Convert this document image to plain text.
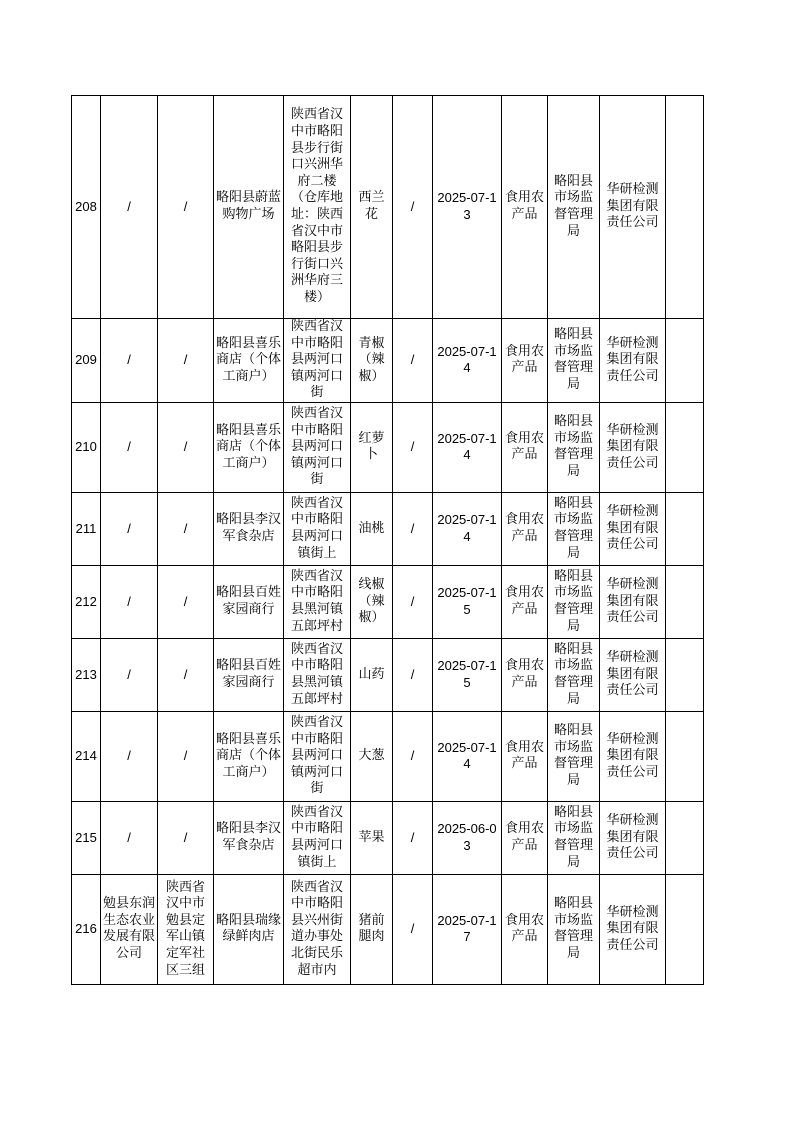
208	/	/	略阳县蔚蓝购物广场	陕西省汉中市略阳县步行街口兴洲华府二楼（仓库地址：陕西省汉中市略阳县步行街口兴洲华府三楼）	西兰花	/	2025-07-13	食用农产品	略阳县市场监督管理局	华研检测集团有限责任公司	
209	/	/	略阳县喜乐商店（个体工商户）	陕西省汉中市略阳县两河口镇两河口街	青椒（辣椒）	/	2025-07-14	食用农产品	略阳县市场监督管理局	华研检测集团有限责任公司	
210	/	/	略阳县喜乐商店（个体工商户）	陕西省汉中市略阳县两河口镇两河口街	红萝卜	/	2025-07-14	食用农产品	略阳县市场监督管理局	华研检测集团有限责任公司	
211	/	/	略阳县李汉军食杂店	陕西省汉中市略阳县两河口镇街上	油桃	/	2025-07-14	食用农产品	略阳县市场监督管理局	华研检测集团有限责任公司	
212	/	/	略阳县百姓家园商行	陕西省汉中市略阳县黑河镇五郎坪村	线椒（辣椒）	/	2025-07-15	食用农产品	略阳县市场监督管理局	华研检测集团有限责任公司	
213	/	/	略阳县百姓家园商行	陕西省汉中市略阳县黑河镇五郎坪村	山药	/	2025-07-15	食用农产品	略阳县市场监督管理局	华研检测集团有限责任公司	
214	/	/	略阳县喜乐商店（个体工商户）	陕西省汉中市略阳县两河口镇两河口街	大葱	/	2025-07-14	食用农产品	略阳县市场监督管理局	华研检测集团有限责任公司	
215	/	/	略阳县李汉军食杂店	陕西省汉中市略阳县两河口镇街上	苹果	/	2025-06-03	食用农产品	略阳县市场监督管理局	华研检测集团有限责任公司	
216	勉县东润生态农业发展有限公司	陕西省汉中市勉县定军山镇定军社区三组	略阳县瑞缘绿鲜肉店	陕西省汉中市略阳县兴州街道办事处北街民乐超市内	猪前腿肉	/	2025-07-17	食用农产品	略阳县市场监督管理局	华研检测集团有限责任公司	
